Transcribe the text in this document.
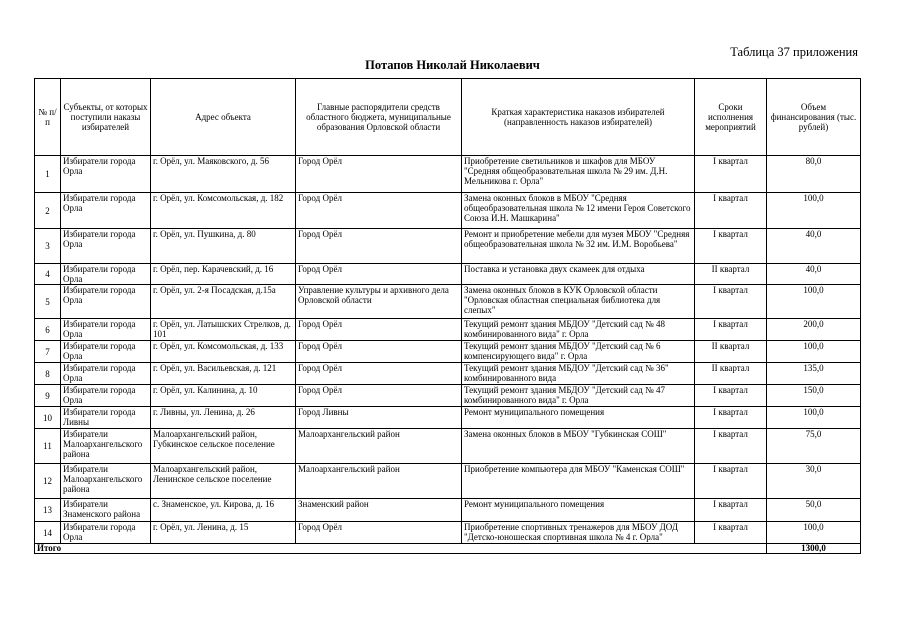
Таблица 37 приложения
Потапов Николай Николаевич
№ п/п	Субъекты, от которых поступили наказы избирателей	Адрес объекта	Главные распорядители средств областного бюджета, муниципальные образования Орловской области	Краткая характеристика наказов избирателей (направленность наказов избирателей)	Сроки исполнения мероприятий	Объем финансирования (тыс. рублей)
1	Избиратели города Орла	г. Орёл, ул. Маяковского, д. 56	Город Орёл	Приобретение светильников и шкафов для МБОУ "Средняя общеобразовательная школа № 29 им. Д.Н. Мельникова г. Орла"	I квартал	80,0
2	Избиратели города Орла	г. Орёл, ул. Комсомольская, д. 182	Город Орёл	Замена оконных блоков в МБОУ "Средняя общеобразовательная школа № 12 имени Героя Советского Союза И.Н. Машкарина"	I квартал	100,0
3	Избиратели города Орла	г. Орёл, ул. Пушкина, д. 80	Город Орёл	Ремонт и приобретение мебели для музея МБОУ "Средняя общеобразовательная школа № 32 им. И.М. Воробьева"	I квартал	40,0
4	Избиратели города Орла	г. Орёл, пер. Карачевский, д. 16	Город Орёл	Поставка и установка двух скамеек для отдыха	II квартал	40,0
5	Избиратели города Орла	г. Орёл, ул. 2-я Посадская, д.15а	Управление культуры и архивного дела Орловской области	Замена оконных блоков в КУК Орловской области "Орловская областная специальная библиотека для слепых"	I квартал	100,0
6	Избиратели города Орла	г. Орёл, ул. Латышских Стрелков, д. 101	Город Орёл	Текущий ремонт здания МБДОУ "Детский сад № 48 комбинированного вида" г. Орла	I квартал	200,0
7	Избиратели города Орла	г. Орёл, ул. Комсомольская, д. 133	Город Орёл	Текущий ремонт здания МБДОУ "Детский сад № 6 компенсирующего вида" г. Орла	II квартал	100,0
8	Избиратели города Орла	г. Орёл, ул. Васильевская, д. 121	Город Орёл	Текущий ремонт здания МБДОУ "Детский сад № 36" комбинированного вида	II квартал	135,0
9	Избиратели города Орла	г. Орёл, ул. Калинина, д. 10	Город Орёл	Текущий ремонт здания МБДОУ "Детский сад № 47 комбинированного вида" г. Орла	I квартал	150,0
10	Избиратели города Ливны	г. Ливны, ул. Ленина, д. 26	Город Ливны	Ремонт муниципального помещения	I квартал	100,0
11	Избиратели Малоархангельского района	Малоархангельский район, Губкинское сельское поселение	Малоархангельский район	Замена оконных блоков в МБОУ "Губкинская СОШ"	I квартал	75,0
12	Избиратели Малоархангельского района	Малоархангельский район, Ленинское сельское поселение	Малоархангельский район	Приобретение компьютера для МБОУ "Каменская СОШ"	I квартал	30,0
13	Избиратели Знаменского района	с. Знаменское, ул. Кирова, д. 16	Знаменский район	Ремонт муниципального помещения	I квартал	50,0
14	Избиратели города Орла	г. Орёл, ул. Ленина, д. 15	Город Орёл	Приобретение спортивных тренажеров для МБОУ ДОД "Детско-юношеская спортивная школа № 4 г. Орла"	I квартал	100,0
Итого						1300,0
